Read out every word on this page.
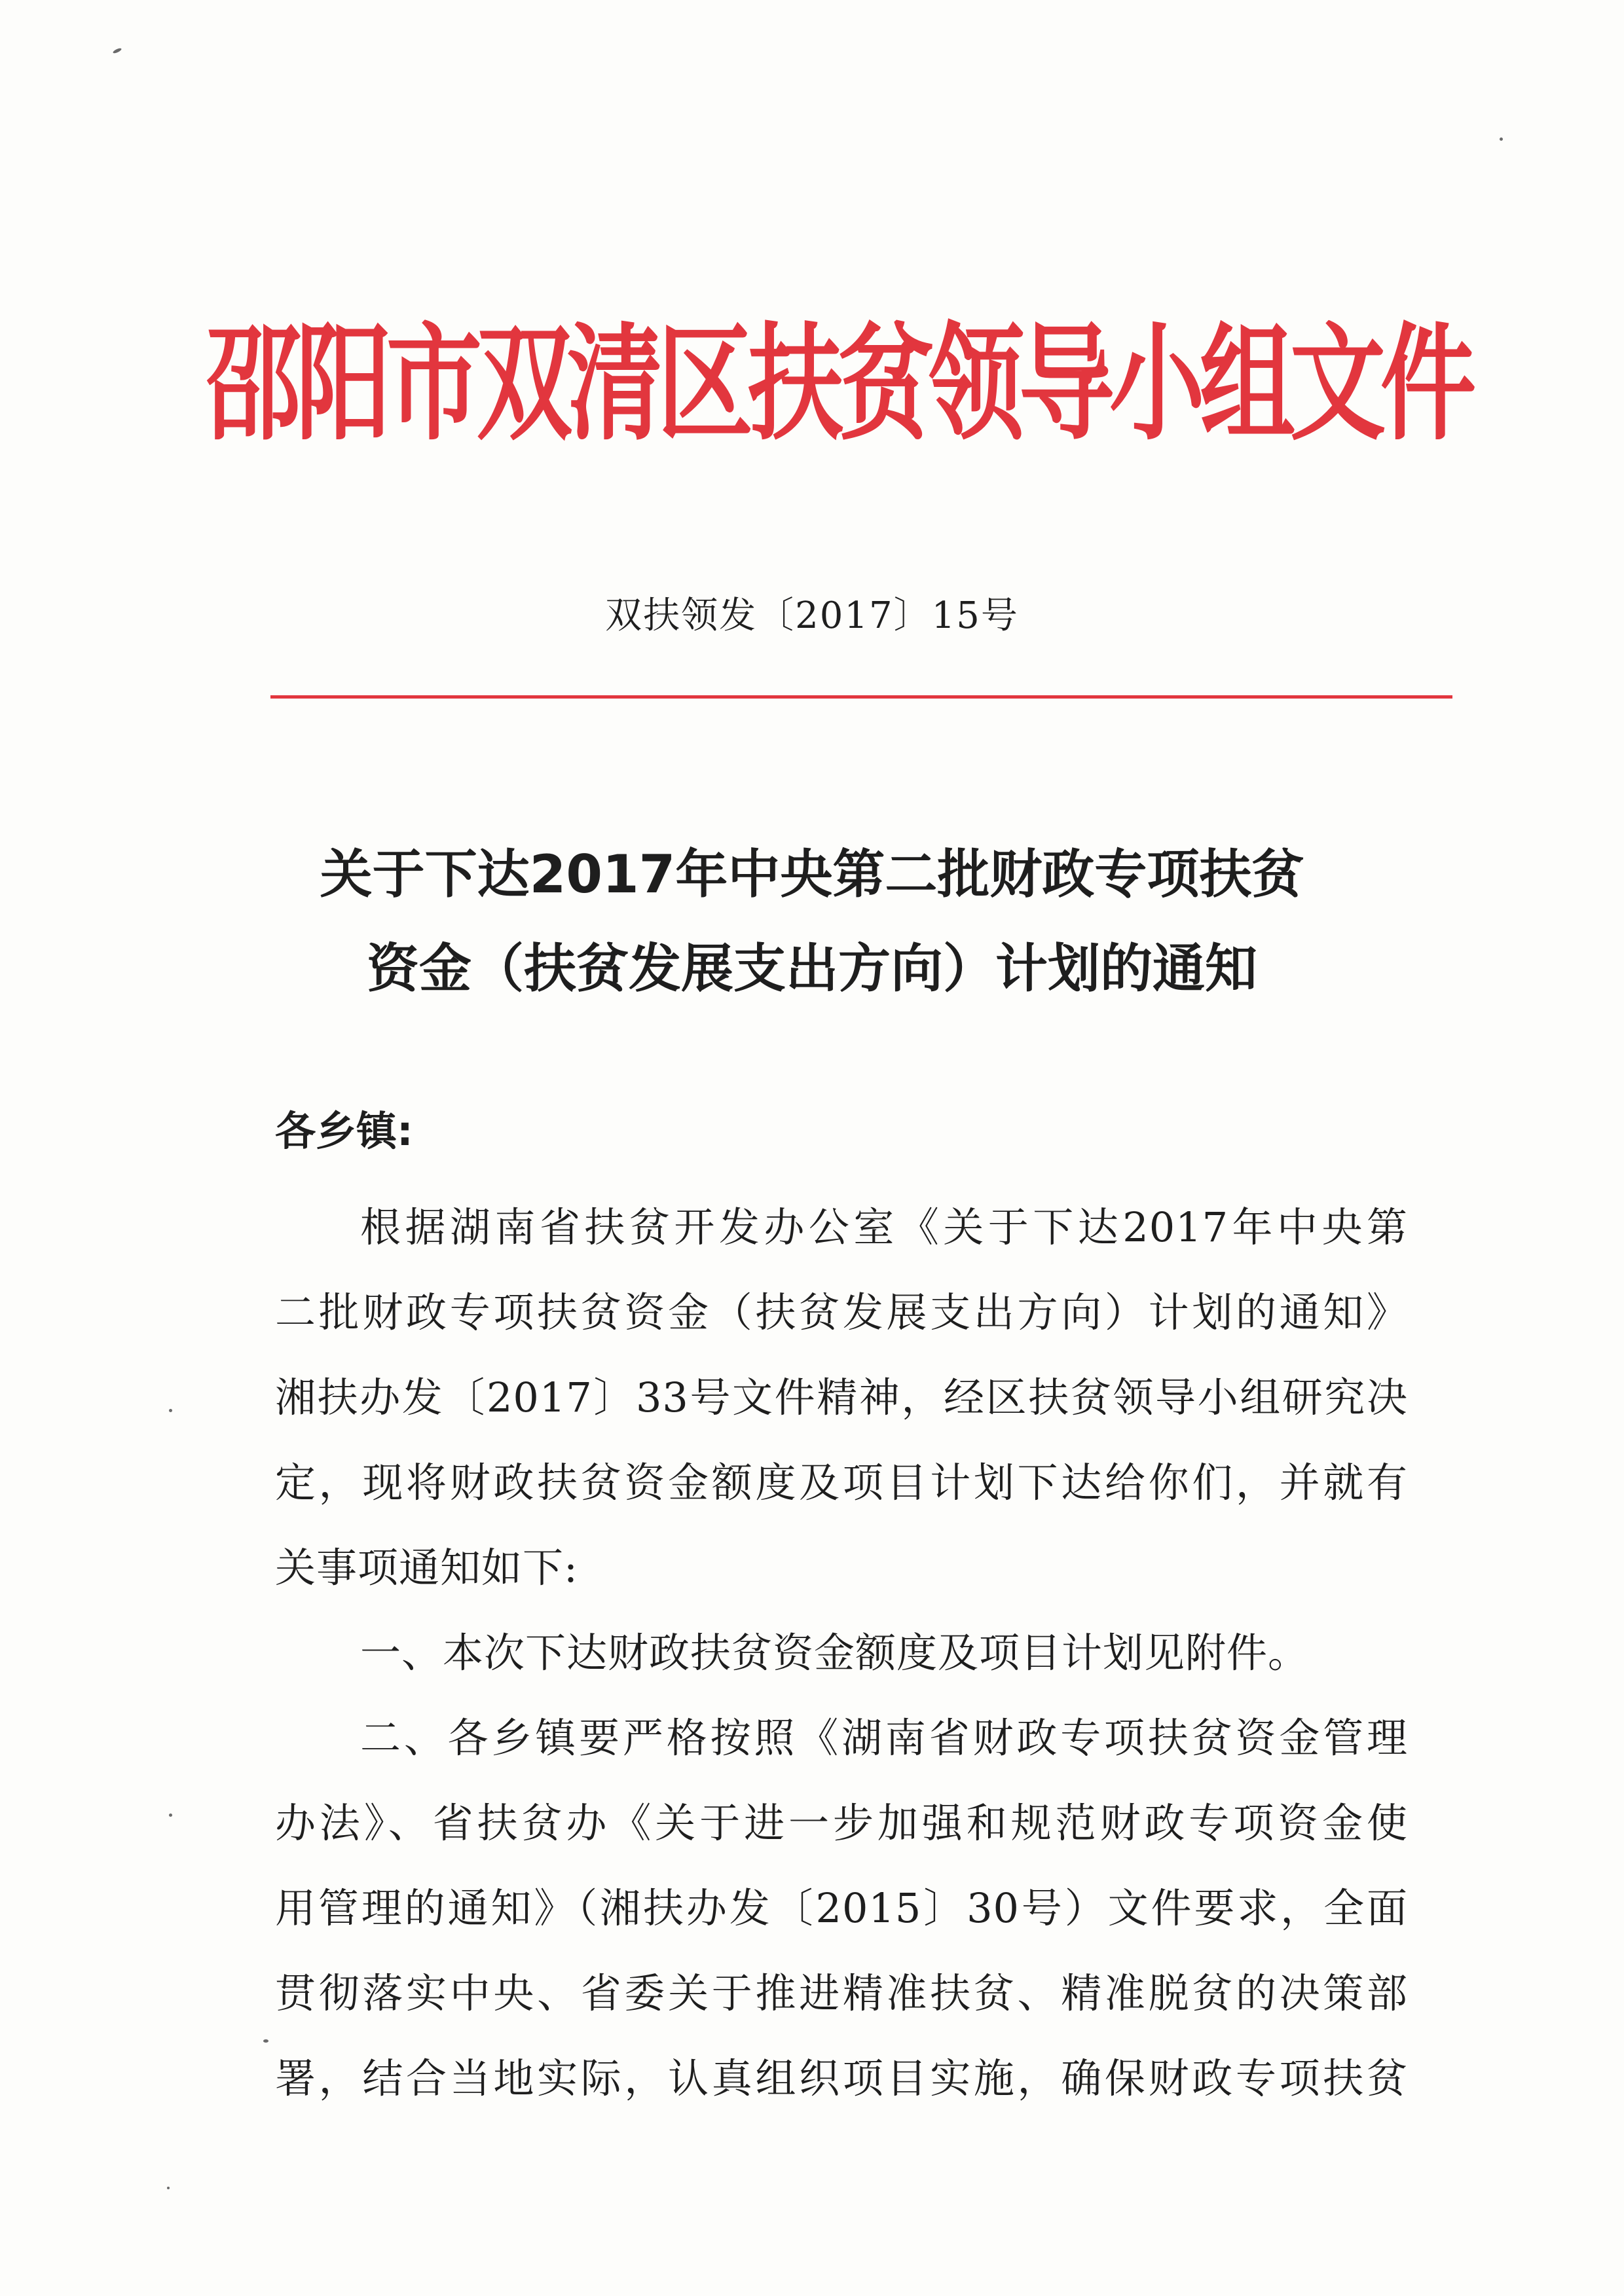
邵阳市双清区扶贫领导小组文件
双扶领发〔2017〕15号
关于下达2017年中央第二批财政专项扶贫
资金（扶贫发展支出方向）计划的通知
各乡镇:
根据湖南省扶贫开发办公室《关于下达2017年中央第
二批财政专项扶贫资金（扶贫发展支出方向）计划的通知》
湘扶办发〔2017〕33号文件精神，经区扶贫领导小组研究决
定，现将财政扶贫资金额度及项目计划下达给你们，并就有
关事项通知如下:
一、本次下达财政扶贫资金额度及项目计划见附件。
二、各乡镇要严格按照《湖南省财政专项扶贫资金管理
办法》、省扶贫办《关于进一步加强和规范财政专项资金使
用管理的通知》（湘扶办发〔2015〕30号）文件要求，全面
贯彻落实中央、省委关于推进精准扶贫、精准脱贫的决策部
署，结合当地实际，认真组织项目实施，确保财政专项扶贫
